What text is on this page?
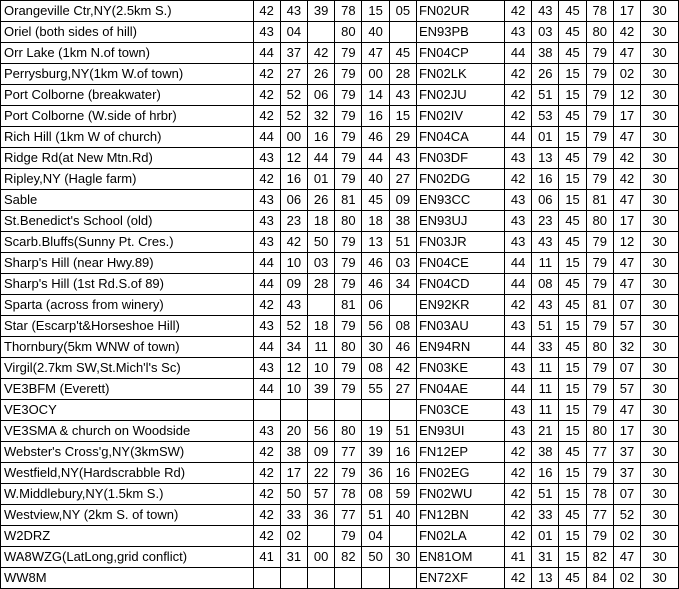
Orangeville Ctr,NY(2.5km S.)	42	43	39	78	15	05	FN02UR	42	43	45	78	17	30
Oriel (both sides of hill)	43	04		80	40		EN93PB	43	03	45	80	42	30
Orr Lake (1km N.of town)	44	37	42	79	47	45	FN04CP	44	38	45	79	47	30
Perrysburg,NY(1km W.of town)	42	27	26	79	00	28	FN02LK	42	26	15	79	02	30
Port Colborne (breakwater)	42	52	06	79	14	43	FN02JU	42	51	15	79	12	30
Port Colborne (W.side of hrbr)	42	52	32	79	16	15	FN02IV	42	53	45	79	17	30
Rich Hill (1km W of church)	44	00	16	79	46	29	FN04CA	44	01	15	79	47	30
Ridge Rd(at New Mtn.Rd)	43	12	44	79	44	43	FN03DF	43	13	45	79	42	30
Ripley,NY (Hagle farm)	42	16	01	79	40	27	FN02DG	42	16	15	79	42	30
Sable	43	06	26	81	45	09	EN93CC	43	06	15	81	47	30
St.Benedict's School (old)	43	23	18	80	18	38	EN93UJ	43	23	45	80	17	30
Scarb.Bluffs(Sunny Pt. Cres.)	43	42	50	79	13	51	FN03JR	43	43	45	79	12	30
Sharp's Hill (near Hwy.89)	44	10	03	79	46	03	FN04CE	44	11	15	79	47	30
Sharp's Hill (1st Rd.S.of 89)	44	09	28	79	46	34	FN04CD	44	08	45	79	47	30
Sparta (across from winery)	42	43		81	06		EN92KR	42	43	45	81	07	30
Star (Escarp't&Horseshoe Hill)	43	52	18	79	56	08	FN03AU	43	51	15	79	57	30
Thornbury(5km WNW of town)	44	34	11	80	30	46	EN94RN	44	33	45	80	32	30
Virgil(2.7km SW,St.Mich'l's Sc)	43	12	10	79	08	42	FN03KE	43	11	15	79	07	30
VE3BFM (Everett)	44	10	39	79	55	27	FN04AE	44	11	15	79	57	30
VE3OCY							FN03CE	43	11	15	79	47	30
VE3SMA & church on Woodside	43	20	56	80	19	51	EN93UI	43	21	15	80	17	30
Webster's Cross'g,NY(3kmSW)	42	38	09	77	39	16	FN12EP	42	38	45	77	37	30
Westfield,NY(Hardscrabble Rd)	42	17	22	79	36	16	FN02EG	42	16	15	79	37	30
W.Middlebury,NY(1.5km S.)	42	50	57	78	08	59	FN02WU	42	51	15	78	07	30
Westview,NY (2km S. of town)	42	33	36	77	51	40	FN12BN	42	33	45	77	52	30
W2DRZ	42	02		79	04		FN02LA	42	01	15	79	02	30
WA8WZG(LatLong,grid conflict)	41	31	00	82	50	30	EN81OM	41	31	15	82	47	30
WW8M							EN72XF	42	13	45	84	02	30
